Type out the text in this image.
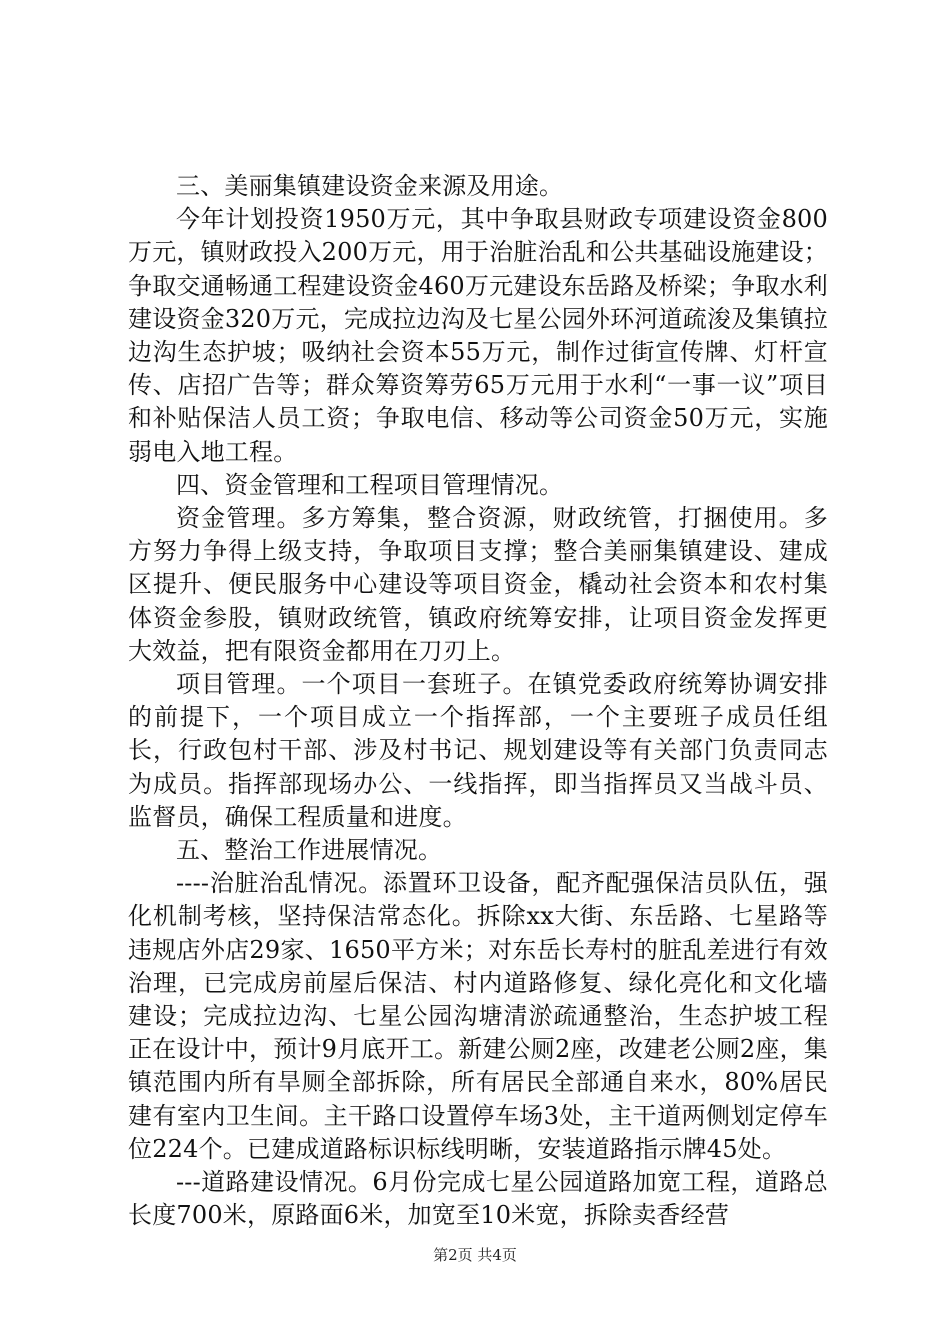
三、美丽集镇建设资金来源及用途。

今年计划投资1950万元，其中争取县财政专项建设资金800万元，镇财政投入200万元，用于治脏治乱和公共基础设施建设；争取交通畅通工程建设资金460万元建设东岳路及桥梁；争取水利建设资金320万元，完成拉边沟及七星公园外环河道疏浚及集镇拉边沟生态护坡；吸纳社会资本55万元，制作过街宣传牌、灯杆宣传、店招广告等；群众筹资筹劳65万元用于水利“一事一议”项目和补贴保洁人员工资；争取电信、移动等公司资金50万元，实施弱电入地工程。

四、资金管理和工程项目管理情况。

资金管理。多方筹集，整合资源，财政统管，打捆使用。多方努力争得上级支持，争取项目支撑；整合美丽集镇建设、建成区提升、便民服务中心建设等项目资金，橇动社会资本和农村集体资金参股，镇财政统管，镇政府统筹安排，让项目资金发挥更大效益，把有限资金都用在刀刃上。

项目管理。一个项目一套班子。在镇党委政府统筹协调安排的前提下，一个项目成立一个指挥部，一个主要班子成员任组长，行政包村干部、涉及村书记、规划建设等有关部门负责同志为成员。指挥部现场办公、一线指挥，即当指挥员又当战斗员、监督员，确保工程质量和进度。

五、整治工作进展情况。

----治脏治乱情况。添置环卫设备，配齐配强保洁员队伍，强化机制考核，坚持保洁常态化。拆除xx大街、东岳路、七星路等违规店外店29家、1650平方米；对东岳长寿村的脏乱差进行有效治理，已完成房前屋后保洁、村内道路修复、绿化亮化和文化墙建设；完成拉边沟、七星公园沟塘清淤疏通整治，生态护坡工程正在设计中，预计9月底开工。新建公厕2座，改建老公厕2座，集镇范围内所有旱厕全部拆除，所有居民全部通自来水，80%居民建有室内卫生间。主干路口设置停车场3处，主干道两侧划定停车位224个。已建成道路标识标线明晰，安装道路指示牌45处。

---道路建设情况。6月份完成七星公园道路加宽工程，道路总长度700米，原路面6米，加宽至10米宽，拆除卖香经营

第2页 共4页
